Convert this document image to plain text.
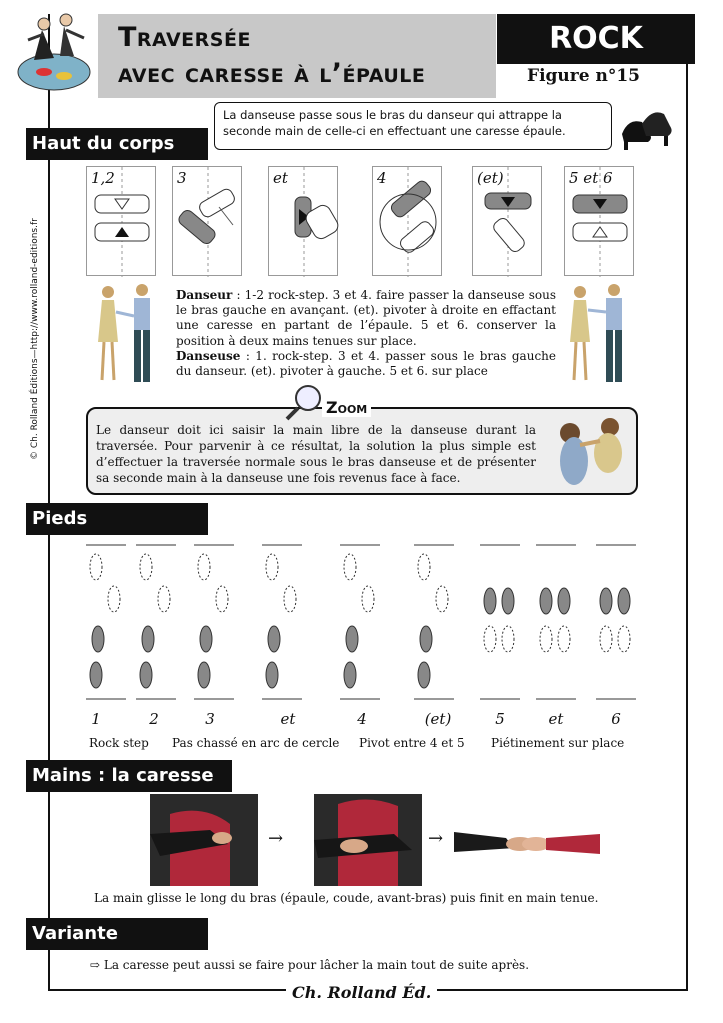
Traversée
avec caresse à l’épaule
ROCK
Figure n°15
© Ch. Rolland Éditions—http://www.rolland-editions.fr
La danseuse passe sous le bras du danseur qui attrappe la seconde main de celle-ci en effectuant une caresse épaule.
Haut du corps
1,2	3	et	4	(et)	5 et 6
Danseur : 1-2 rock-step. 3 et 4. faire passer la danseuse sous le bras gauche en avançant. (et). pivoter à droite en effactant une caresse en partant de l’épaule. 5 et 6. conserver la position à deux mains tenues sur place.
Danseuse : 1. rock-step. 3 et 4. passer sous le bras gauche du danseur. (et). pivoter à gauche. 5 et 6. sur place
Zoom
Le danseur doit ici saisir la main libre de la danseuse durant la traversée. Pour parvenir à ce résultat, la solution la plus simple est d’effectuer la traversée normale sous le bras danseuse et de présenter sa seconde main à la danseuse une fois revenus face à face.
Pieds
1	2	3	et	4	(et)	5	et	6
Rock step Pas chassé en arc de cercle Pivot entre 4 et 5 Piétinement sur place
Mains : la caresse
→	→
La main glisse le long du bras (épaule, coude, avant-bras) puis finit en main tenue.
Variante
⇨ La caresse peut aussi se faire pour lâcher la main tout de suite après.
Ch. Rolland Éd.
